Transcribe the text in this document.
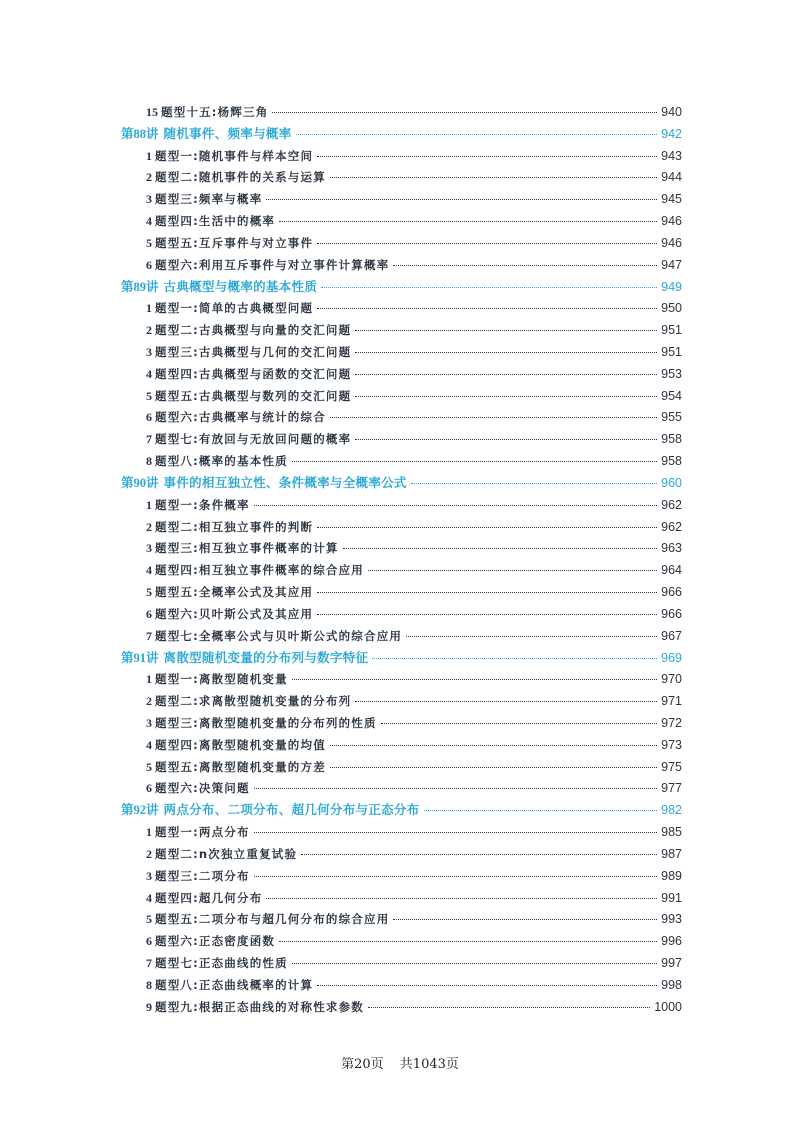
15 题型十五:杨辉三角	940
第88讲 随机事件、频率与概率	942
1 题型一:随机事件与样本空间	943
2 题型二:随机事件的关系与运算	944
3 题型三:频率与概率	945
4 题型四:生活中的概率	946
5 题型五:互斥事件与对立事件	946
6 题型六:利用互斥事件与对立事件计算概率	947
第89讲 古典概型与概率的基本性质	949
1 题型一:简单的古典概型问题	950
2 题型二:古典概型与向量的交汇问题	951
3 题型三:古典概型与几何的交汇问题	951
4 题型四:古典概型与函数的交汇问题	953
5 题型五:古典概型与数列的交汇问题	954
6 题型六:古典概率与统计的综合	955
7 题型七:有放回与无放回问题的概率	958
8 题型八:概率的基本性质	958
第90讲 事件的相互独立性、条件概率与全概率公式	960
1 题型一:条件概率	962
2 题型二:相互独立事件的判断	962
3 题型三:相互独立事件概率的计算	963
4 题型四:相互独立事件概率的综合应用	964
5 题型五:全概率公式及其应用	966
6 题型六:贝叶斯公式及其应用	966
7 题型七:全概率公式与贝叶斯公式的综合应用	967
第91讲 离散型随机变量的分布列与数字特征	969
1 题型一:离散型随机变量	970
2 题型二:求离散型随机变量的分布列	971
3 题型三:离散型随机变量的分布列的性质	972
4 题型四:离散型随机变量的均值	973
5 题型五:离散型随机变量的方差	975
6 题型六:决策问题	977
第92讲 两点分布、二项分布、超几何分布与正态分布	982
1 题型一:两点分布	985
2 题型二:n次独立重复试验	987
3 题型三:二项分布	989
4 题型四:超几何分布	991
5 题型五:二项分布与超几何分布的综合应用	993
6 题型六:正态密度函数	996
7 题型七:正态曲线的性质	997
8 题型八:正态曲线概率的计算	998
9 题型九:根据正态曲线的对称性求参数	1000
第20页 共1043页
